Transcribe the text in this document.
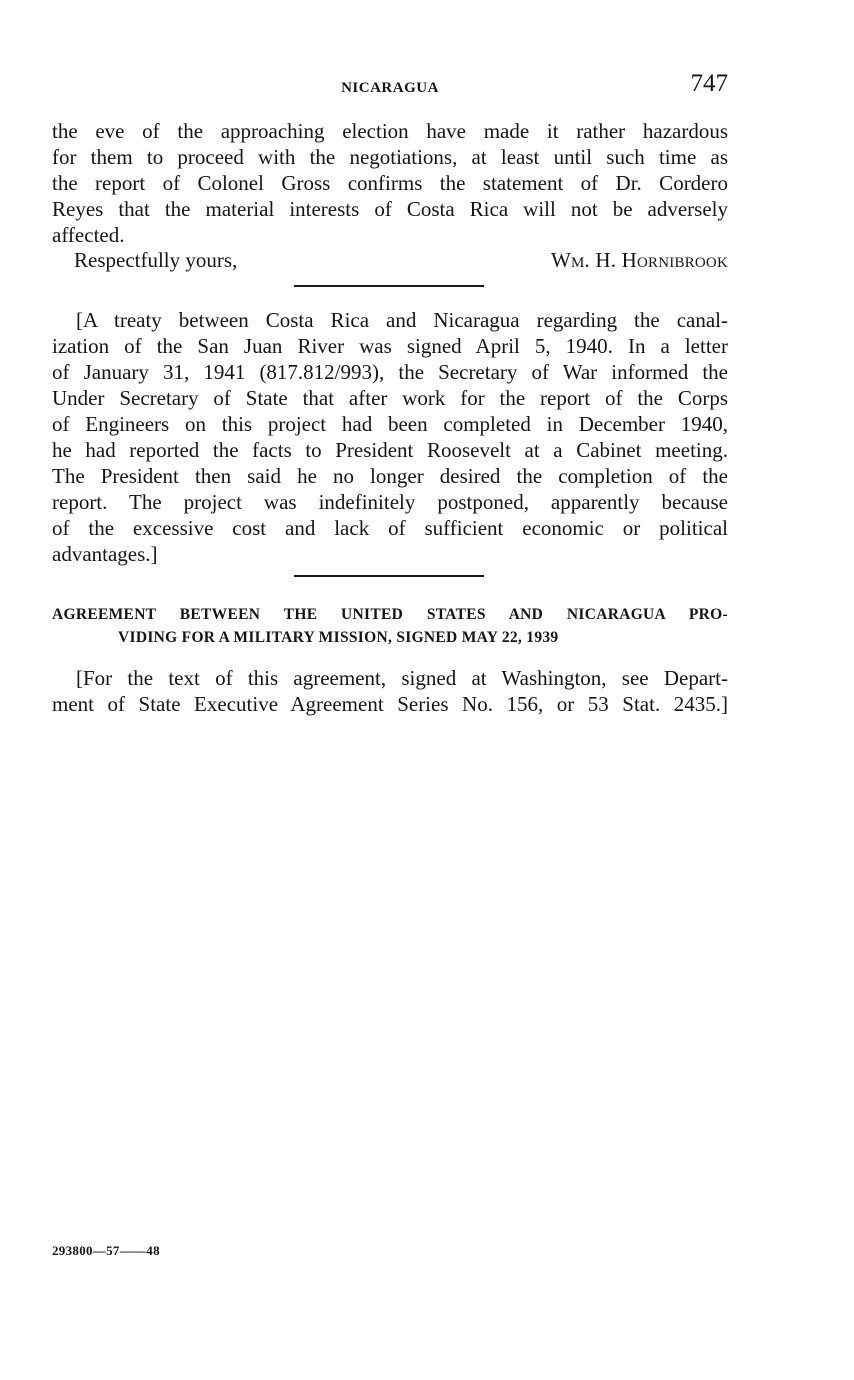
NICARAGUA	747
the eve of the approaching election have made it rather hazardous
for them to proceed with the negotiations, at least until such time as
the report of Colonel Gross confirms the statement of Dr. Cordero
Reyes that the material interests of Costa Rica will not be adversely
affected.
Respectfully yours,	Wm. H. Hornibrook
[A treaty between Costa Rica and Nicaragua regarding the canal-
ization of the San Juan River was signed April 5, 1940. In a letter
of January 31, 1941 (817.812/993), the Secretary of War informed the
Under Secretary of State that after work for the report of the Corps
of Engineers on this project had been completed in December 1940,
he had reported the facts to President Roosevelt at a Cabinet meeting.
The President then said he no longer desired the completion of the
report. The project was indefinitely postponed, apparently because
of the excessive cost and lack of sufficient economic or political
advantages.]
AGREEMENT BETWEEN THE UNITED STATES AND NICARAGUA PRO-
VIDING FOR A MILITARY MISSION, SIGNED MAY 22, 1939
[For the text of this agreement, signed at Washington, see Depart-
ment of State Executive Agreement Series No. 156, or 53 Stat. 2435.]
293800—57——48
